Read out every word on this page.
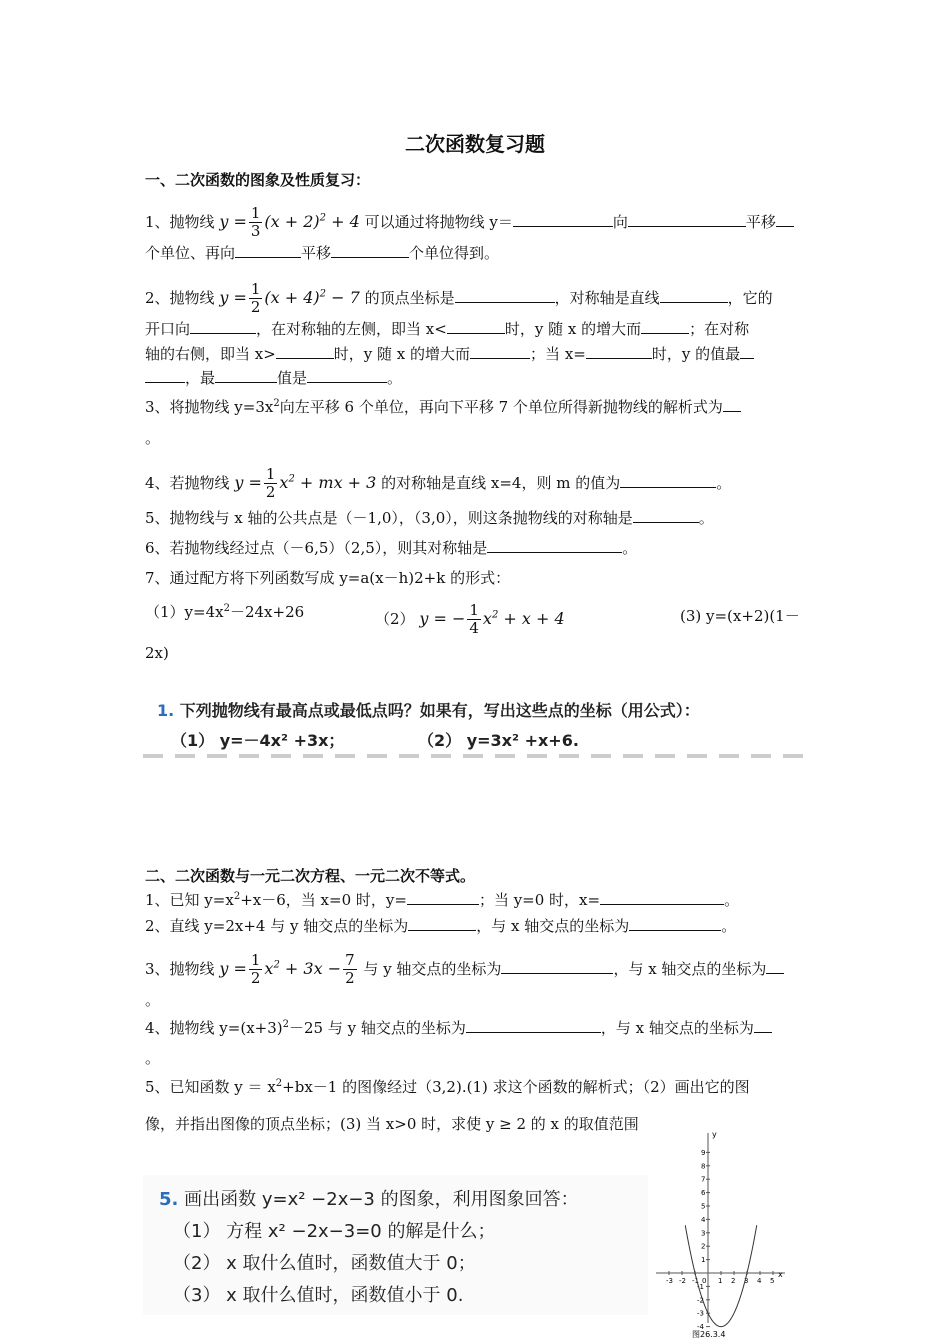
二次函数复习题
一、二次函数的图象及性质复习：
1、抛物线 $y = \frac{1}{3} (x + 2)^2 + 4$ 可以通过将抛物线 y＝	向	平移
个单位、再向	平移	个单位得到。
2、抛物线 $y = \frac{1}{2} (x + 4)^2 - 7$ 的顶点坐标是	，对称轴是直线	，它的
开口向	，在对称轴的左侧，即当 x<	时，y 随 x 的增大而	；在对称
轴的右侧，即当 x>	时，y 随 x 的增大而	；当 x=	时，y 的值最
，最	值是	。
3、将抛物线 $y=3x^2$向左平移 6 个单位，再向下平移 7 个单位所得新抛物线的解析式为
。
4、若抛物线 $y = \frac{1}{2} x^2$ + mx + 3 的对称轴是直线 x=4，则 m 的值为	。
5、抛物线与 x 轴的公共点是（－1,0），（3,0），则这条抛物线的对称轴是	。
6、若抛物线经过点（－6,5）（2,5），则其对称轴是	。
7、通过配方将下列函数写成 y=a(x－h)2+k 的形式：
$(1)y=4x^2-24x+26$	（2） y = − $\frac{1}{4} x^2 + x + 4$	(3) y=(x+2)(1－
2x)
1. 下列抛物线有最高点或最低点吗？如果有，写出这些点的坐标（用公式）：
（1） y=－4x² +3x；	（2） y=3x² +x+6.
二、二次函数与一元二次方程、一元二次不等式。
1、已知 $y=x^2+x-6$，当 x=0 时，y=	；当 y=0 时，x=	。
2、直线 y=2x+4 与 y 轴交点的坐标为	，与 x 轴交点的坐标为	。
3、抛物线 $y = \frac{1}{2} x^2 + 3x - \frac{7}{2}$ 与 y 轴交点的坐标为	，与 x 轴交点的坐标为
。
4、抛物线 $y=(x+3)^2-25$ 与 y 轴交点的坐标为	，与 x 轴交点的坐标为
。
5、已知函数 $y = x^2+bx-1$ 的图像经过（3,2).(1) 求这个函数的解析式；（2）画出它的图
像，并指出图像的顶点坐标；(3) 当 x>0 时，求使 y ≥ 2 的 x 的取值范围
5. 画出函数 y=x² −2x−3 的图象，利用图象回答：
（1） 方程 x² −2x−3=0 的解是什么；
（2） x 取什么值时，函数值大于 0；
（3） x 取什么值时，函数值小于 0.
x
y
-3 -2 -1 0 1 2 3 4 5
9
8
7
6
5
4
3
2
1
-1
-2
-3
-4
图26.3.4
